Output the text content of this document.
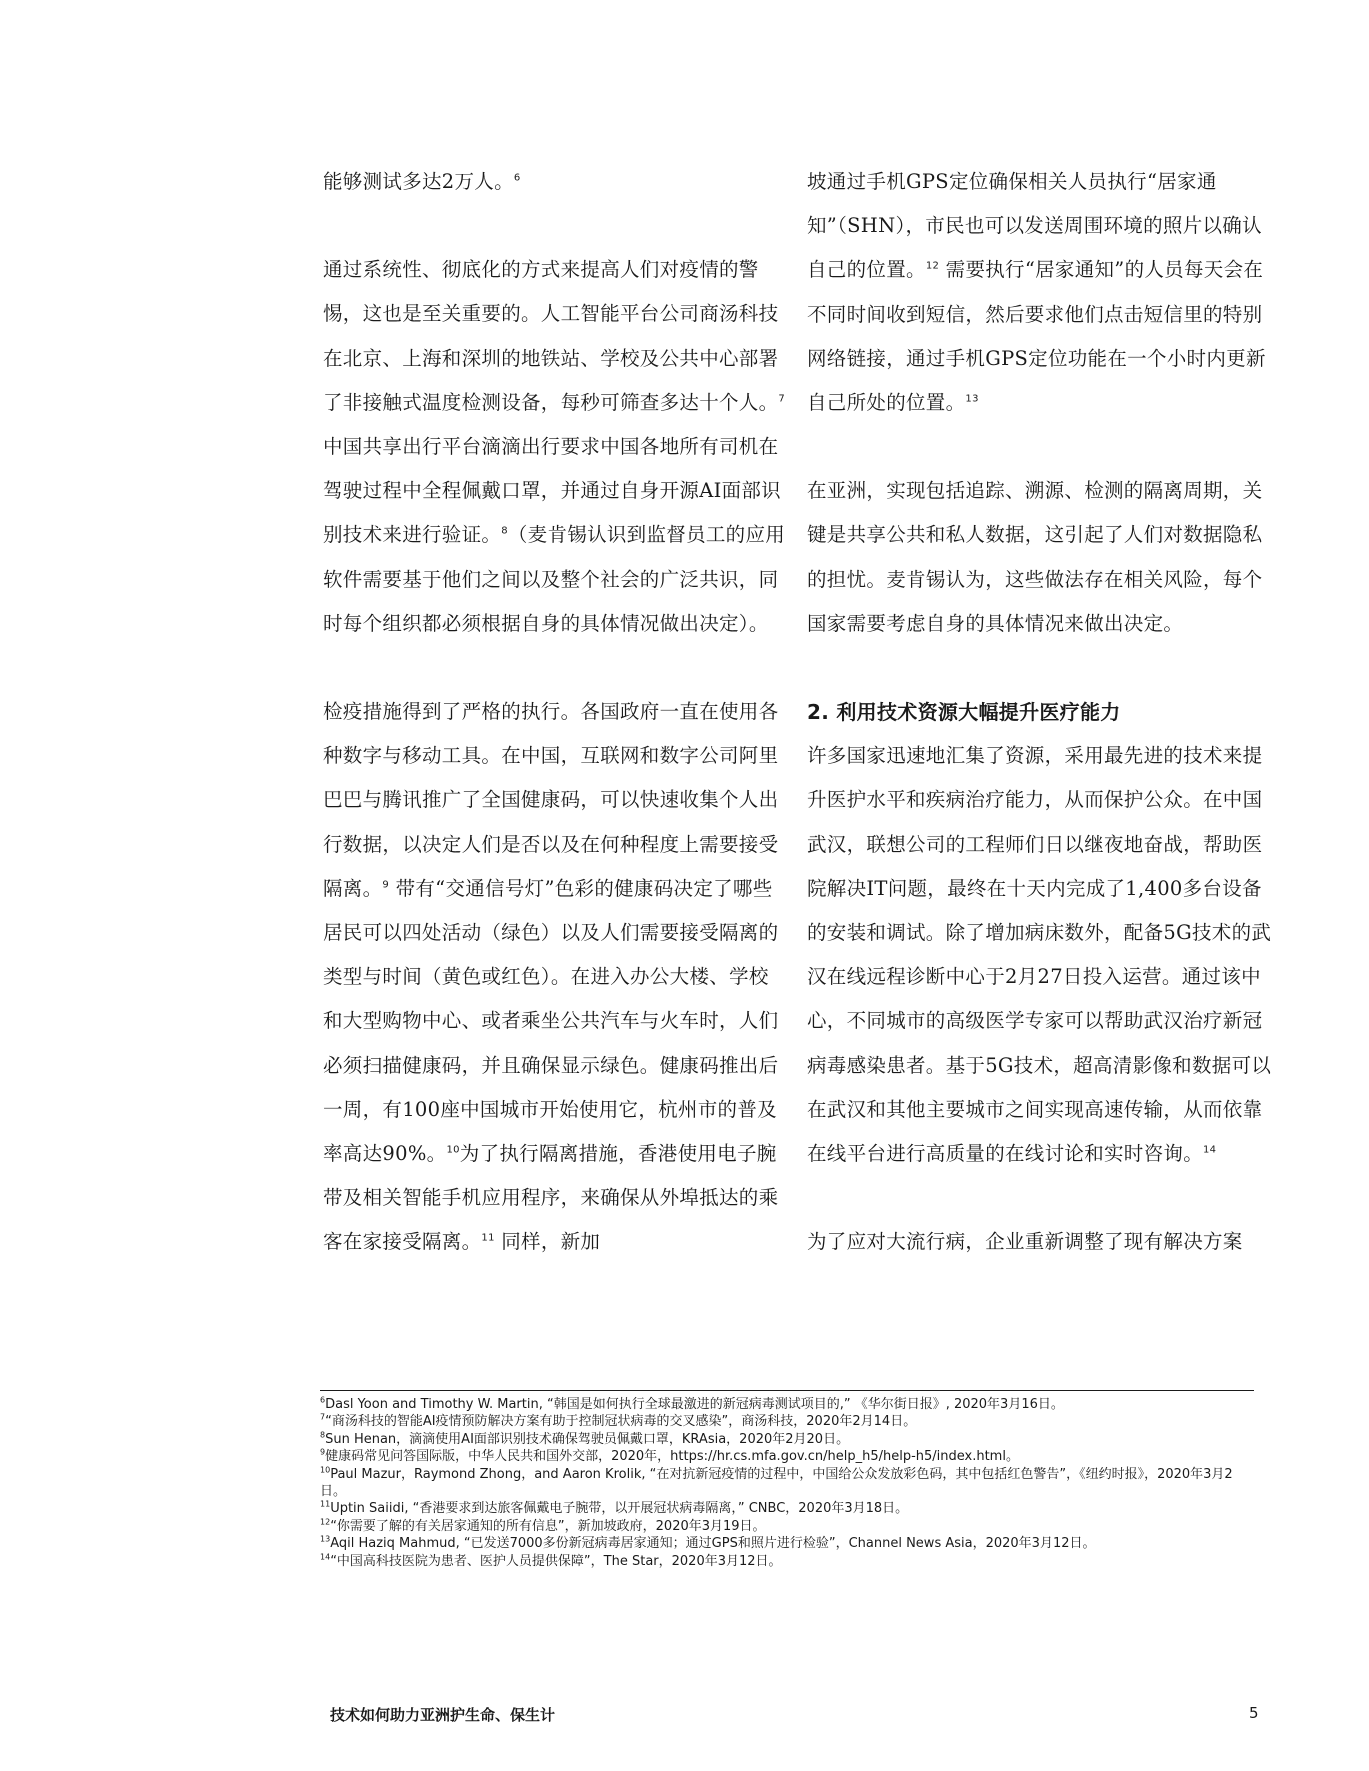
能够测试多达2万人。$^6$

通过系统性、彻底化的方式来提高人们对疫情的警惕，这也是至关重要的。人工智能平台公司商汤科技在北京、上海和深圳的地铁站、学校及公共中心部署了非接触式温度检测设备，每秒可筛查多达十个人。$^7$ 中国共享出行平台滴滴出行要求中国各地所有司机在驾驶过程中全程佩戴口罩，并通过自身开源AI面部识别技术来进行验证。$^8$（麦肯锡认识到监督员工的应用软件需要基于他们之间以及整个社会的广泛共识，同时每个组织都必须根据自身的具体情况做出决定）。

检疫措施得到了严格的执行。各国政府一直在使用各种数字与移动工具。在中国，互联网和数字公司阿里巴巴与腾讯推广了全国健康码，可以快速收集个人出行数据，以决定人们是否以及在何种程度上需要接受隔离。$^9$ 带有“交通信号灯”色彩的健康码决定了哪些居民可以四处活动（绿色）以及人们需要接受隔离的类型与时间（黄色或红色）。在进入办公大楼、学校和大型购物中心、或者乘坐公共汽车与火车时，人们必须扫描健康码，并且确保显示绿色。健康码推出后一周，有100座中国城市开始使用它，杭州市的普及率高达90%。$^{10}$为了执行隔离措施，香港使用电子腕带及相关智能手机应用程序，来确保从外埠抵达的乘客在家接受隔离。$^{11}$ 同样，新加

坡通过手机GPS定位确保相关人员执行“居家通知”（SHN），市民也可以发送周围环境的照片以确认自己的位置。$^{12}$ 需要执行“居家通知”的人员每天会在不同时间收到短信，然后要求他们点击短信里的特别网络链接，通过手机GPS定位功能在一个小时内更新自己所处的位置。$^{13}$

在亚洲，实现包括追踪、溯源、检测的隔离周期，关键是共享公共和私人数据，这引起了人们对数据隐私的担忧。麦肯锡认为，这些做法存在相关风险，每个国家需要考虑自身的具体情况来做出决定。

2. 利用技术资源大幅提升医疗能力

许多国家迅速地汇集了资源，采用最先进的技术来提升医护水平和疾病治疗能力，从而保护公众。在中国武汉，联想公司的工程师们日以继夜地奋战，帮助医院解决IT问题，最终在十天内完成了1,400多台设备的安装和调试。除了增加病床数外，配备5G技术的武汉在线远程诊断中心于2月27日投入运营。通过该中心，不同城市的高级医学专家可以帮助武汉治疗新冠病毒感染患者。基于5G技术，超高清影像和数据可以在武汉和其他主要城市之间实现高速传输，从而依靠在线平台进行高质量的在线讨论和实时咨询。$^{14}$

为了应对大流行病，企业重新调整了现有解决方案

$^6$Dasl Yoon and Timothy W. Martin, “韩国是如何执行全球最激进的新冠病毒测试项目的,” 《华尔街日报》, 2020年3月16日。
$^7$“商汤科技的智能AI疫情预防解决方案有助于控制冠状病毒的交叉感染”，商汤科技，2020年2月14日。
$^8$Sun Henan，滴滴使用AI面部识别技术确保驾驶员佩戴口罩，KRAsia，2020年2月20日。
$^9$健康码常见问答国际版，中华人民共和国外交部，2020年，https://hr.cs.mfa.gov.cn/help_h5/help-h5/index.html。
$^{10}$Paul Mazur，Raymond Zhong，and Aaron Krolik, “在对抗新冠疫情的过程中，中国给公众发放彩色码，其中包括红色警告”，《纽约时报》，2020年3月2日。
$^{11}$Uptin Saiidi, “香港要求到达旅客佩戴电子腕带，以开展冠状病毒隔离，” CNBC，2020年3月18日。
$^{12}$“你需要了解的有关居家通知的所有信息”，新加坡政府，2020年3月19日。
$^{13}$Aqil Haziq Mahmud, “已发送7000多份新冠病毒居家通知；通过GPS和照片进行检验”，Channel News Asia，2020年3月12日。
$^{14}$“中国高科技医院为患者、医护人员提供保障”，The Star，2020年3月12日。
技术如何助力亚洲护生命、保生计	5
